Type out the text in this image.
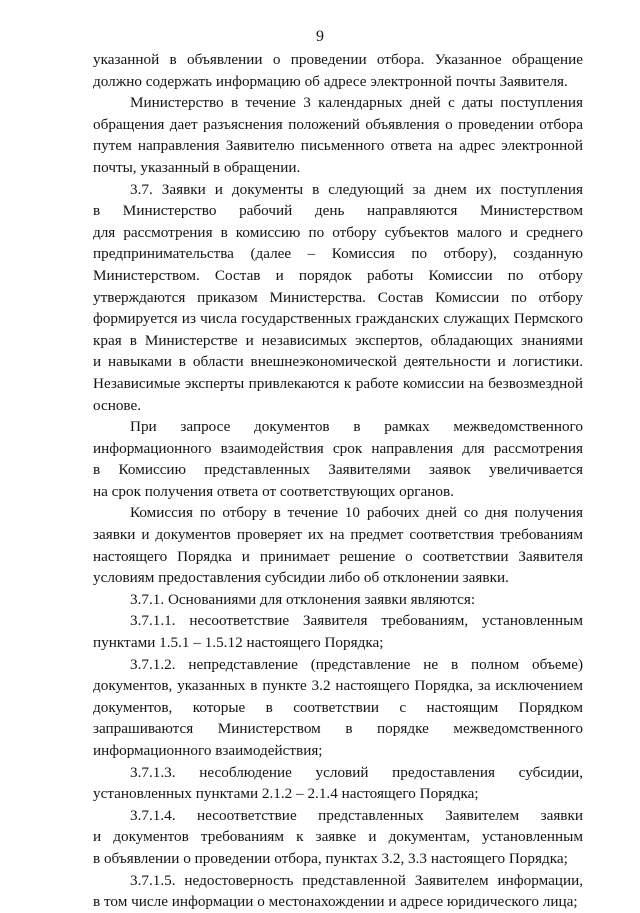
9
указанной в объявлении о проведении отбора. Указанное обращение
должно содержать информацию об адресе электронной почты Заявителя.
Министерство в течение 3 календарных дней с даты поступления
обращения дает разъяснения положений объявления о проведении отбора
путем направления Заявителю письменного ответа на адрес электронной
почты, указанный в обращении.
3.7. Заявки и документы в следующий за днем их поступления
в Министерство рабочий день направляются Министерством
для рассмотрения в комиссию по отбору субъектов малого и среднего
предпринимательства (далее – Комиссия по отбору), созданную
Министерством. Состав и порядок работы Комиссии по отбору
утверждаются приказом Министерства. Состав Комиссии по отбору
формируется из числа государственных гражданских служащих Пермского
края в Министерстве и независимых экспертов, обладающих знаниями
и навыками в области внешнеэкономической деятельности и логистики.
Независимые эксперты привлекаются к работе комиссии на безвозмездной
основе.
При запросе документов в рамках межведомственного
информационного взаимодействия срок направления для рассмотрения
в Комиссию представленных Заявителями заявок увеличивается
на срок получения ответа от соответствующих органов.
Комиссия по отбору в течение 10 рабочих дней со дня получения
заявки и документов проверяет их на предмет соответствия требованиям
настоящего Порядка и принимает решение о соответствии Заявителя
условиям предоставления субсидии либо об отклонении заявки.
3.7.1. Основаниями для отклонения заявки являются:
3.7.1.1. несоответствие Заявителя требованиям, установленным
пунктами 1.5.1 – 1.5.12 настоящего Порядка;
3.7.1.2. непредставление (представление не в полном объеме)
документов, указанных в пункте 3.2 настоящего Порядка, за исключением
документов, которые в соответствии с настоящим Порядком
запрашиваются Министерством в порядке межведомственного
информационного взаимодействия;
3.7.1.3. несоблюдение условий предоставления субсидии,
установленных пунктами 2.1.2 – 2.1.4 настоящего Порядка;
3.7.1.4. несоответствие представленных Заявителем заявки
и документов требованиям к заявке и документам, установленным
в объявлении о проведении отбора, пунктах 3.2, 3.3 настоящего Порядка;
3.7.1.5. недостоверность представленной Заявителем информации,
в том числе информации о местонахождении и адресе юридического лица;
